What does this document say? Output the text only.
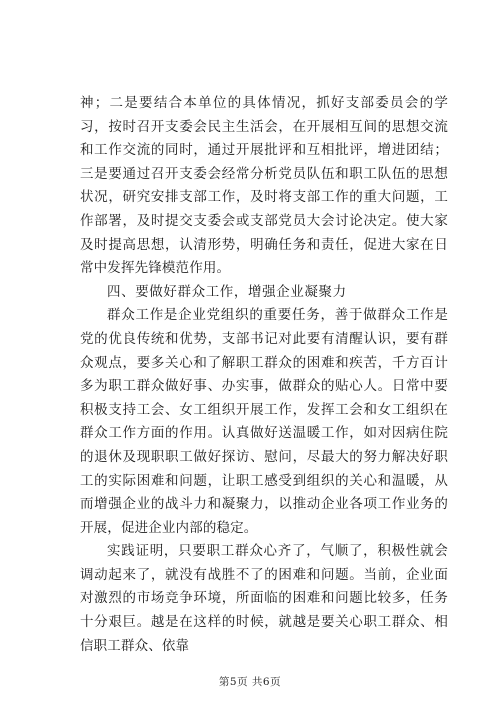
神；二是要结合本单位的具体情况，抓好支部委员会的学习，按时召开支委会民主生活会，在开展相互间的思想交流和工作交流的同时，通过开展批评和互相批评，增进团结；三是要通过召开支委会经常分析党员队伍和职工队伍的思想状况，研究安排支部工作，及时将支部工作的重大问题，工作部署，及时提交支委会或支部党员大会讨论决定。使大家及时提高思想，认清形势，明确任务和责任，促进大家在日常中发挥先锋模范作用。

四、要做好群众工作，增强企业凝聚力

群众工作是企业党组织的重要任务，善于做群众工作是党的优良传统和优势，支部书记对此要有清醒认识，要有群众观点，要多关心和了解职工群众的困难和疾苦，千方百计多为职工群众做好事、办实事，做群众的贴心人。日常中要积极支持工会、女工组织开展工作，发挥工会和女工组织在群众工作方面的作用。认真做好送温暖工作，如对因病住院的退休及现职职工做好探访、慰问，尽最大的努力解决好职工的实际困难和问题，让职工感受到组织的关心和温暖，从而增强企业的战斗力和凝聚力，以推动企业各项工作业务的开展，促进企业内部的稳定。

实践证明，只要职工群众心齐了，气顺了，积极性就会调动起来了，就没有战胜不了的困难和问题。当前，企业面对激烈的市场竞争环境，所面临的困难和问题比较多，任务十分艰巨。越是在这样的时候，就越是要关心职工群众、相信职工群众、依靠

第5页 共6页
